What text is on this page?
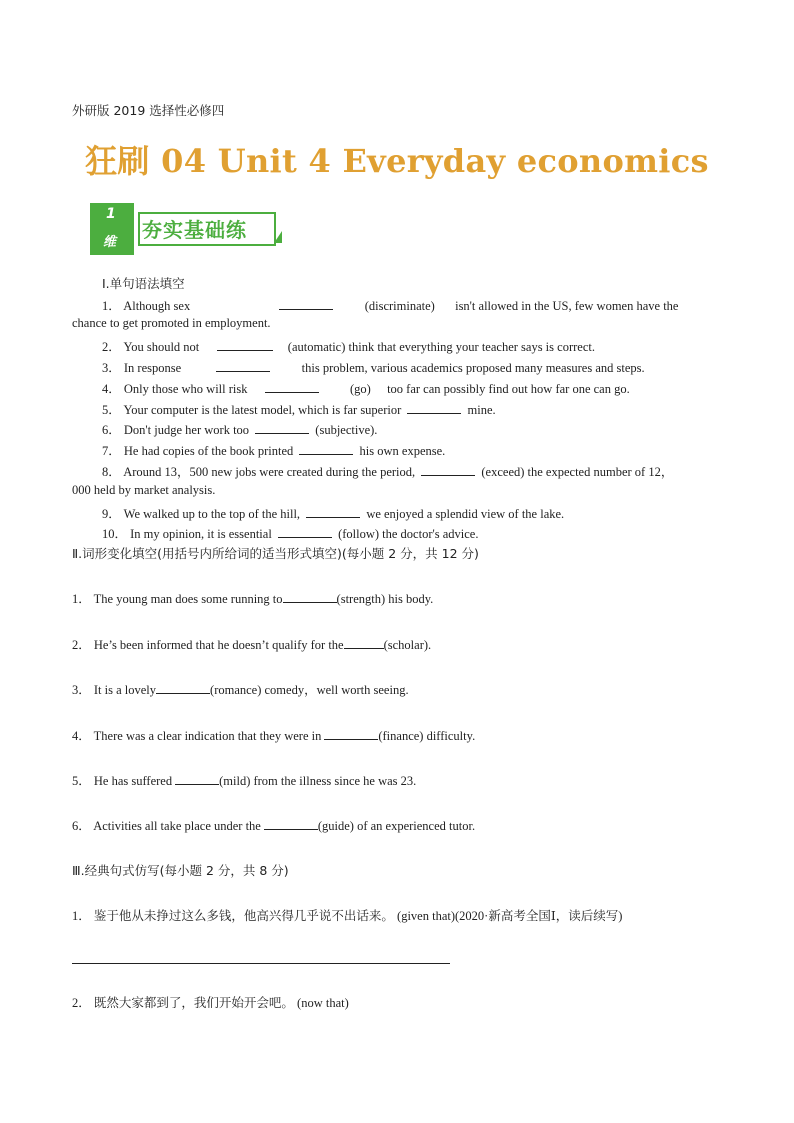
外研版 2019 选择性必修四
狂刷 04 Unit 4 Everyday economics
1
维
夯实基础练
Ⅰ.单句语法填空
1． Although sex	(discriminate) isn't allowed in the US, few women have the
chance to get promoted in employment.
2． You should not	(automatic) think that everything your teacher says is correct.
3． In response	this problem, various academics proposed many measures and steps.
4． Only those who will risk	(go) too far can possibly find out how far one can go.
5． Your computer is the latest model, which is far superior	mine.
6． Don't judge her work too	(subjective).
7． He had copies of the book printed	his own expense.
8． Around 13，500 new jobs were created during the period,	(exceed) the expected number of 12，
000 held by market analysis.
9． We walked up to the top of the hill,	we enjoyed a splendid view of the lake.
10． In my opinion, it is essential	(follow) the doctor's advice.
Ⅱ.词形变化填空(用括号内所给词的适当形式填空)(每小题 2 分，共 12 分)
1． The young man does some running to	(strength) his body.
2． He’s been informed that he doesn’t qualify for the	(scholar).
3． It is a lovely	(romance) comedy，well worth seeing.
4． There was a clear indication that they were in	(finance) difficulty.
5． He has suffered	(mild) from the illness since he was 23.
6． Activities all take place under the	(guide) of an experienced tutor.
Ⅲ.经典句式仿写(每小题 2 分，共 8 分)
1． 鉴于他从未挣过这么多钱，他高兴得几乎说不出话来。 (given that)(2020·新高考全国Ⅰ，读后续写)
2． 既然大家都到了，我们开始开会吧。 (now that)
